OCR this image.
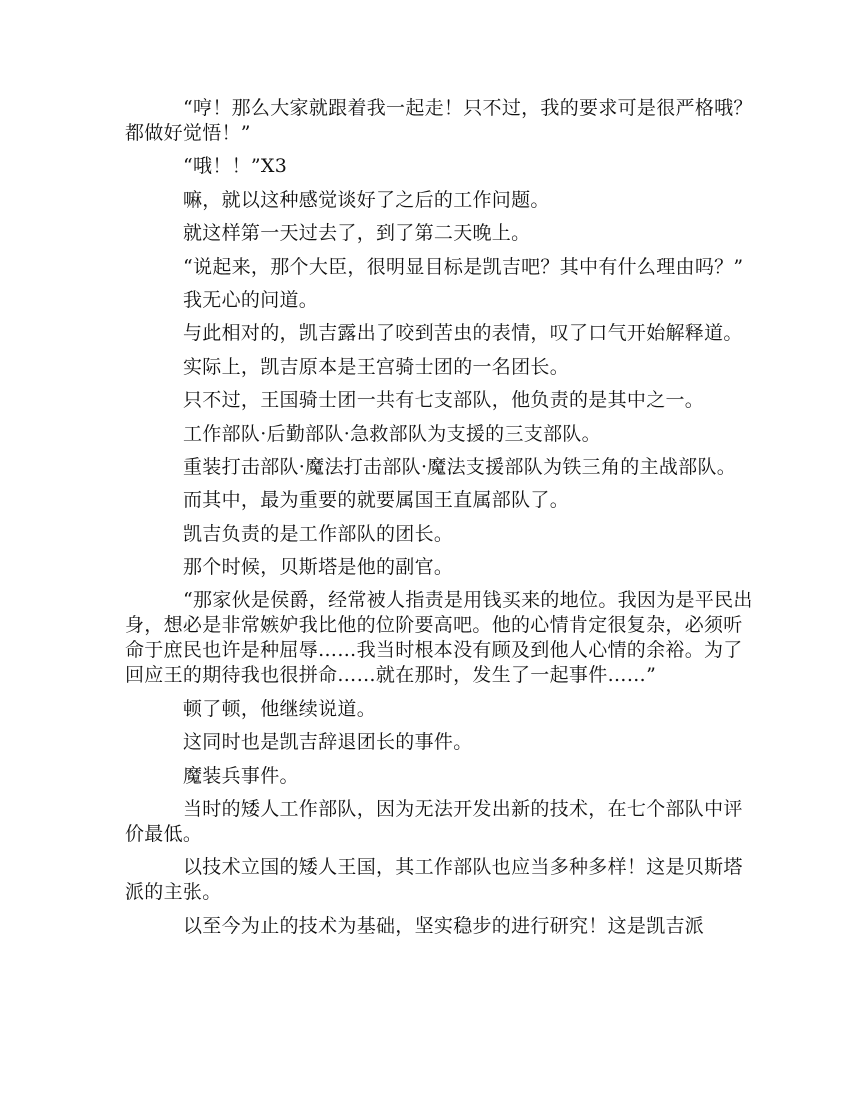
“哼！那么大家就跟着我一起走！只不过，我的要求可是很严格哦？都做好觉悟！”

“哦！！”X3

嘛，就以这种感觉谈好了之后的工作问题。

就这样第一天过去了，到了第二天晚上。

“说起来，那个大臣，很明显目标是凯吉吧？其中有什么理由吗？”

我无心的问道。

与此相对的，凯吉露出了咬到苦虫的表情，叹了口气开始解释道。

实际上，凯吉原本是王宫骑士团的一名团长。

只不过，王国骑士团一共有七支部队，他负责的是其中之一。

工作部队·后勤部队·急救部队为支援的三支部队。

重装打击部队·魔法打击部队·魔法支援部队为铁三角的主战部队。

而其中，最为重要的就要属国王直属部队了。

凯吉负责的是工作部队的团长。

那个时候，贝斯塔是他的副官。

“那家伙是侯爵，经常被人指责是用钱买来的地位。我因为是平民出身，想必是非常嫉妒我比他的位阶要高吧。他的心情肯定很复杂，必须听命于庶民也许是种屈辱……我当时根本没有顾及到他人心情的余裕。为了回应王的期待我也很拼命……就在那时，发生了一起事件……”

顿了顿，他继续说道。

这同时也是凯吉辞退团长的事件。

魔装兵事件。

当时的矮人工作部队，因为无法开发出新的技术，在七个部队中评价最低。

以技术立国的矮人王国，其工作部队也应当多种多样！这是贝斯塔派的主张。

以至今为止的技术为基础，坚实稳步的进行研究！这是凯吉派
